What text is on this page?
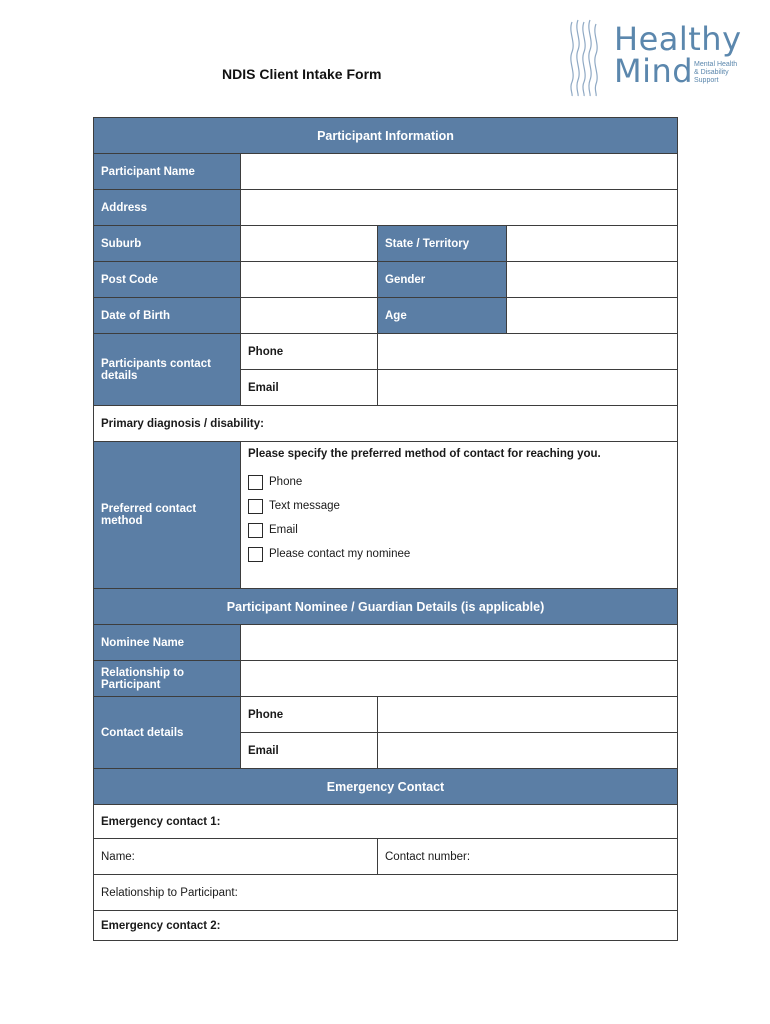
NDIS Client Intake Form
Healthy
Mind Mental Health
& Disability
Support
Participant Information			
Participant Name			
Address			
Suburb		State / Territory	
Post Code		Gender	
Date of Birth		Age	
Participants contact details	Phone		
	Email		
Primary diagnosis / disability:			
Preferred contact method	Please specify the preferred method of contact for reaching you.
Phone
Text message
Email
Please contact my nominee		

Participant Nominee / Guardian Details (is applicable)			
Nominee Name			
Relationship to Participant			
Contact details	Phone		
	Email		
Emergency Contact			
Emergency contact 1:			
Name:		Contact number:	
Relationship to Participant:			
Emergency contact 2:			
